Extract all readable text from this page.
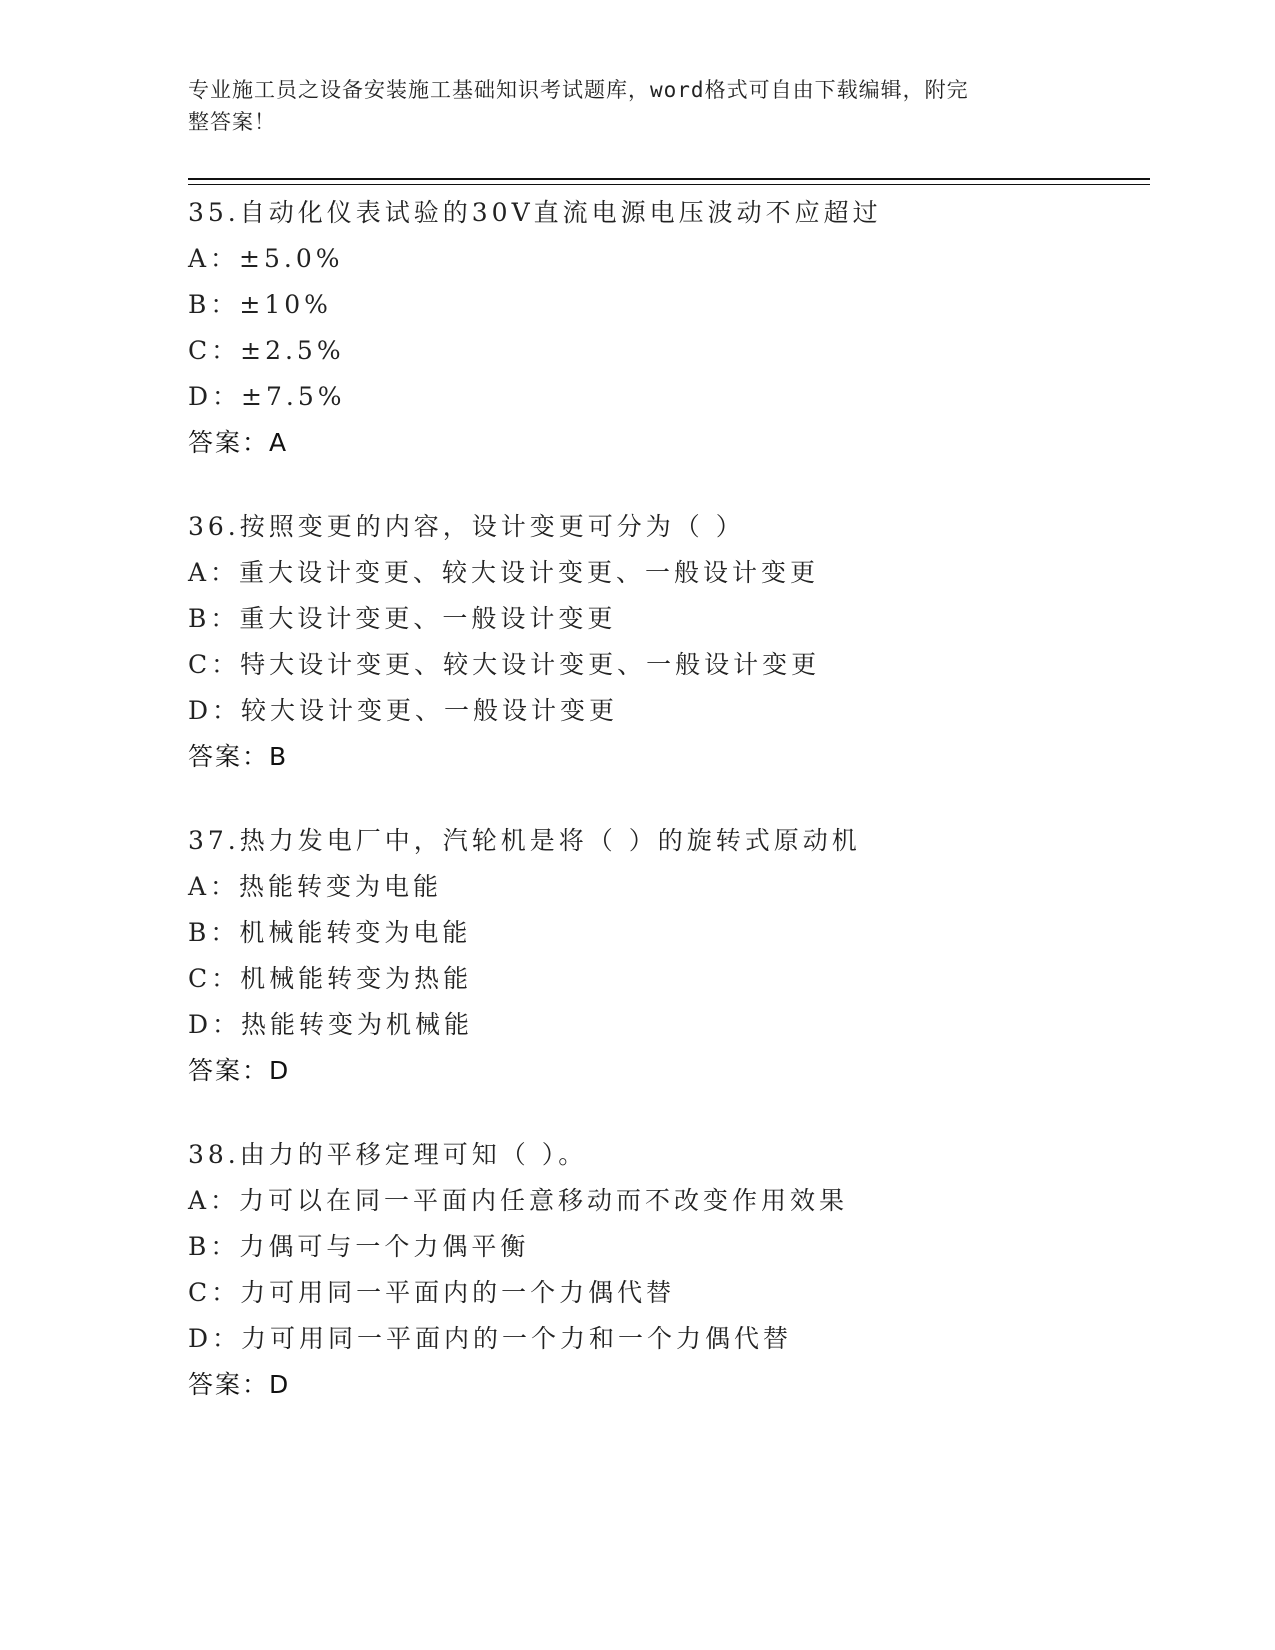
专业施工员之设备安装施工基础知识考试题库，word格式可自由下载编辑，附完
整答案！
35.自动化仪表试验的30V直流电源电压波动不应超过
A：±5.0%
B：±10%
C：±2.5%
D：±7.5%
答案：A
36.按照变更的内容，设计变更可分为（ ）
A：重大设计变更、较大设计变更、一般设计变更
B：重大设计变更、一般设计变更
C：特大设计变更、较大设计变更、一般设计变更
D：较大设计变更、一般设计变更
答案：B
37.热力发电厂中，汽轮机是将（ ）的旋转式原动机
A：热能转变为电能
B：机械能转变为电能
C：机械能转变为热能
D：热能转变为机械能
答案：D
38.由力的平移定理可知（ ）。
A：力可以在同一平面内任意移动而不改变作用效果
B：力偶可与一个力偶平衡
C：力可用同一平面内的一个力偶代替
D：力可用同一平面内的一个力和一个力偶代替
答案：D
